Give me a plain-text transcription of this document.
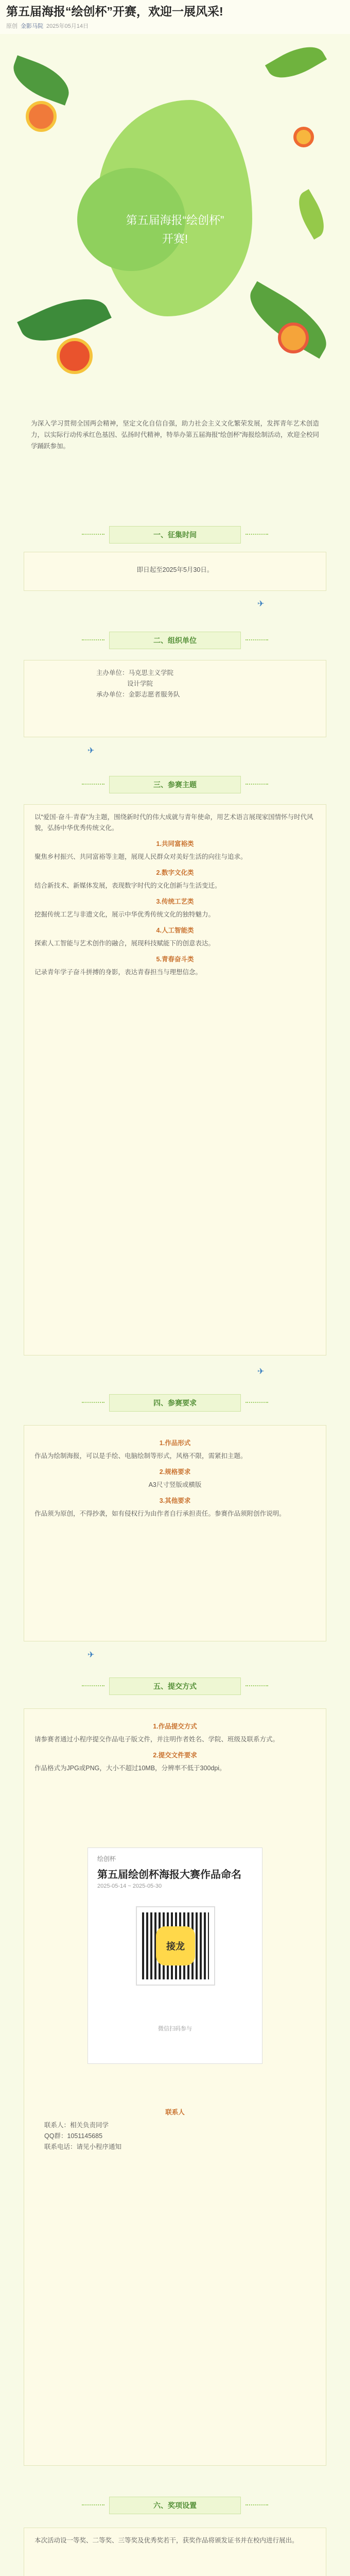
第五届海报“绘创杯”开赛，欢迎一展风采!
原创 金影马院 2025年05月14日
第五届海报“绘创杯”
开赛!
为深入学习贯彻全国两会精神，坚定文化自信自强，助力社会主义文化繁荣发展，发挥青年艺术创造力，以实际行动传承红色基因、弘扬时代精神，特举办第五届海报“绘创杯”海报绘制活动，欢迎全校同学踊跃参加。
一、征集时间
即日起至2025年5月30日。
✈
二、组织单位
主办单位：马克思主义学院
设计学院
承办单位：金影志愿者服务队
✈
三、参赛主题
以“爱国·奋斗·青春”为主题，围绕新时代的伟大成就与青年使命，用艺术语言展现家国情怀与时代风貌，弘扬中华优秀传统文化。
1.共同富裕类
聚焦乡村振兴、共同富裕等主题，展现人民群众对美好生活的向往与追求。
2.数字文化类
结合新技术、新媒体发展，表现数字时代的文化创新与生活变迁。
3.传统工艺类
挖掘传统工艺与非遗文化，展示中华优秀传统文化的独特魅力。
4.人工智能类
探索人工智能与艺术创作的融合，展现科技赋能下的创意表达。
5.青春奋斗类
记录青年学子奋斗拼搏的身影，表达青春担当与理想信念。
✈
四、参赛要求
1.作品形式
作品为绘制海报，可以是手绘、电脑绘制等形式，风格不限，需紧扣主题。
2.规格要求
A3尺寸竖版或横版
3.其他要求
作品须为原创，不得抄袭，如有侵权行为由作者自行承担责任。参赛作品须附创作说明。
✈
五、提交方式
1.作品提交方式
请参赛者通过小程序提交作品电子版文件，并注明作者姓名、学院、班级及联系方式。
2.提交文件要求
作品格式为JPG或PNG，大小不超过10MB，分辨率不低于300dpi。
绘创杯
第五届绘创杯海报大赛作品命名
2025-05-14 ~ 2025-05-30
接龙
微信扫码参与
联系人
联系人：相关负责同学
QQ群：1051145685
联系电话：请见小程序通知
六、奖项设置
本次活动设一等奖、二等奖、三等奖及优秀奖若干，获奖作品将颁发证书并在校内进行展出。
